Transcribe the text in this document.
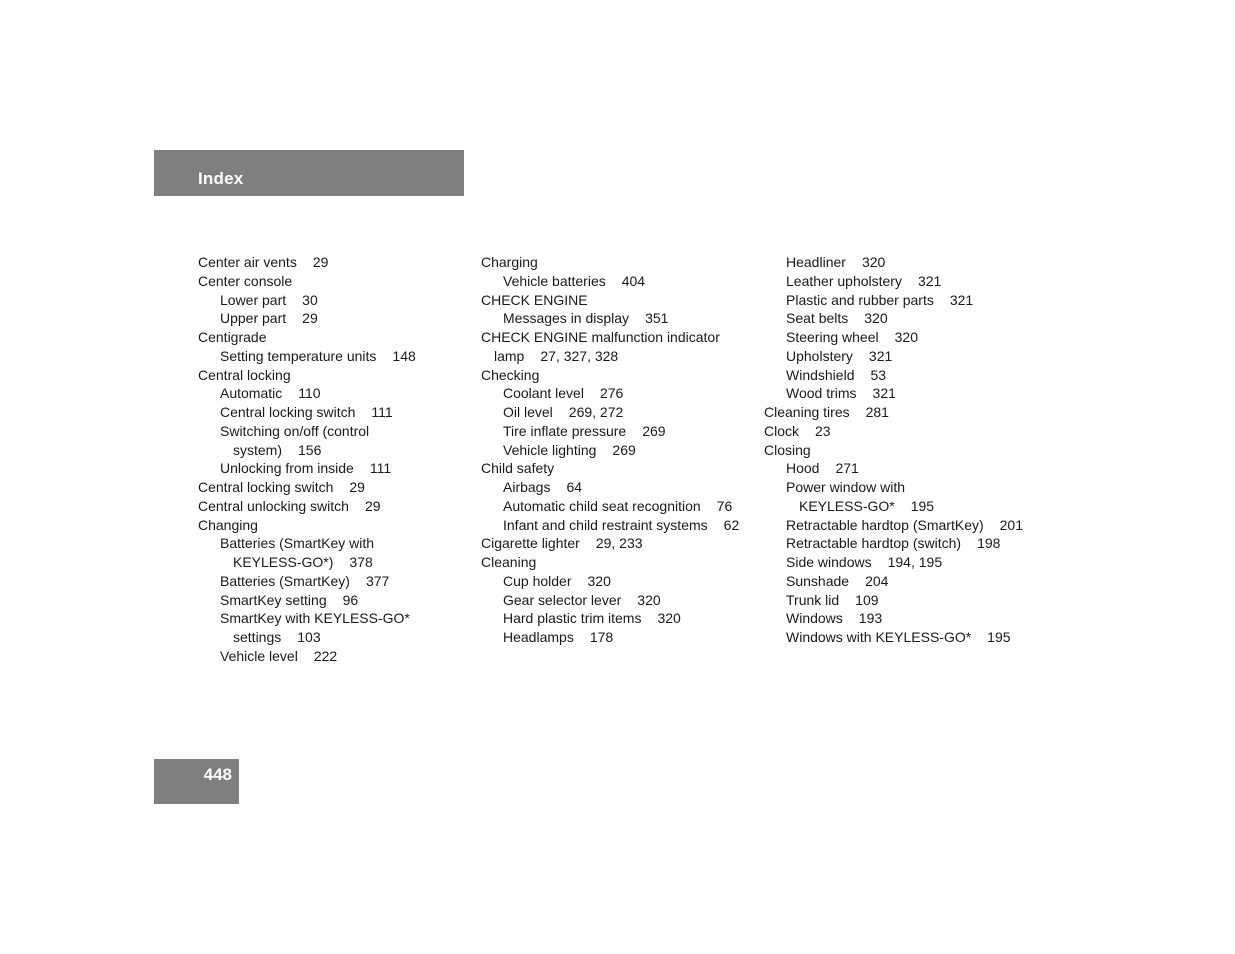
Index
Center air vents 29
Center console
Lower part 30
Upper part 29
Centigrade
Setting temperature units 148
Central locking
Automatic 110
Central locking switch 111
Switching on/off (control
system) 156
Unlocking from inside 111
Central locking switch 29
Central unlocking switch 29
Changing
Batteries (SmartKey with
KEYLESS-GO*) 378
Batteries (SmartKey) 377
SmartKey setting 96
SmartKey with KEYLESS-GO*
settings 103
Vehicle level 222
Charging
Vehicle batteries 404
CHECK ENGINE
Messages in display 351
CHECK ENGINE malfunction indicator
lamp 27, 327, 328
Checking
Coolant level 276
Oil level 269, 272
Tire inflate pressure 269
Vehicle lighting 269
Child safety
Airbags 64
Automatic child seat recognition 76
Infant and child restraint systems 62
Cigarette lighter 29, 233
Cleaning
Cup holder 320
Gear selector lever 320
Hard plastic trim items 320
Headlamps 178
Headliner 320
Leather upholstery 321
Plastic and rubber parts 321
Seat belts 320
Steering wheel 320
Upholstery 321
Windshield 53
Wood trims 321
Cleaning tires 281
Clock 23
Closing
Hood 271
Power window with
KEYLESS-GO* 195
Retractable hardtop (SmartKey) 201
Retractable hardtop (switch) 198
Side windows 194, 195
Sunshade 204
Trunk lid 109
Windows 193
Windows with KEYLESS-GO* 195
448
